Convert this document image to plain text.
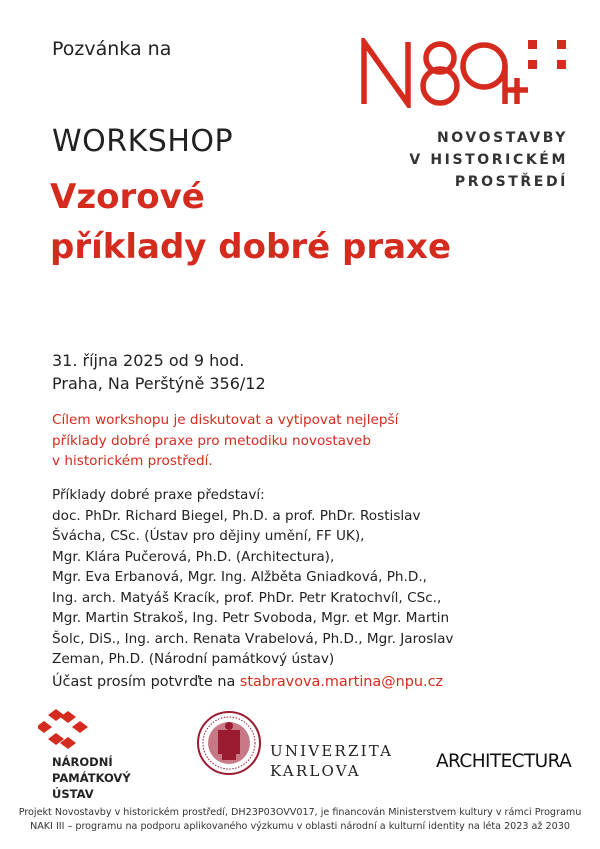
Pozvánka na
NOVOSTAVBY
V HISTORICKÉM
PROSTŘEDÍ
WORKSHOP
Vzorové
příklady dobré praxe
31. října 2025 od 9 hod.
Praha, Na Perštýně 356/12
Cílem workshopu je diskutovat a vytipovat nejlepší
příklady dobré praxe pro metodiku novostaveb
v historickém prostředí.
Příklady dobré praxe představí:
doc. PhDr. Richard Biegel, Ph.D. a prof. PhDr. Rostislav
Švácha, CSc. (Ústav pro dějiny umění, FF UK),
Mgr. Klára Pučerová, Ph.D. (Architectura),
Mgr. Eva Erbanová, Mgr. Ing. Alžběta Gniadková, Ph.D.,
Ing. arch. Matyáš Kracík, prof. PhDr. Petr Kratochvíl, CSc.,
Mgr. Martin Strakoš, Ing. Petr Svoboda, Mgr. et Mgr. Martin
Šolc, DiS., Ing. arch. Renata Vrabelová, Ph.D., Mgr. Jaroslav
Zeman, Ph.D. (Národní památkový ústav)
Účast prosím potvrďte na stabravova.martina@npu.cz
NÁRODNÍ
PAMÁTKOVÝ
ÚSTAV
UNIVERZITA
KARLOVA	ARCHITECTURA
Projekt Novostavby v historickém prostředí, DH23P03OVV017, je financován Ministerstvem kultury v rámci Programu
NAKI III – programu na podporu aplikovaného výzkumu v oblasti národní a kulturní identity na léta 2023 až 2030
